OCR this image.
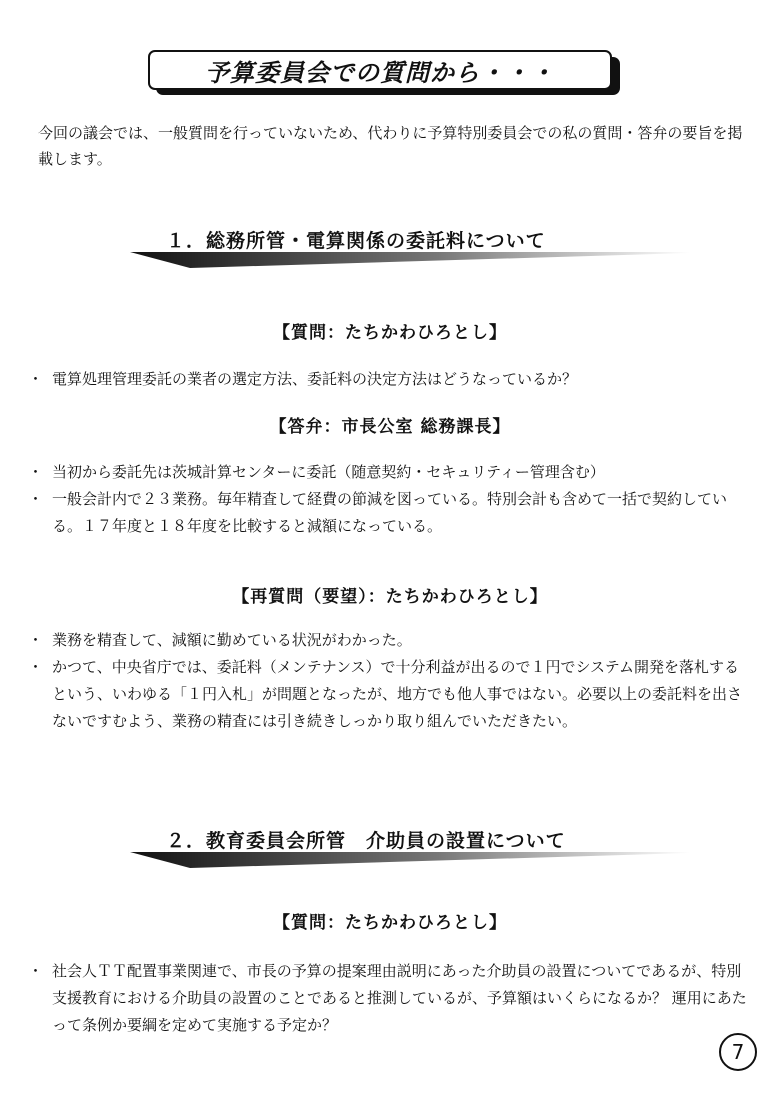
予算委員会での質問から・・・
今回の議会では、一般質問を行っていないため、代わりに予算特別委員会での私の質問・答弁の要旨を掲載します。
１．総務所管・電算関係の委託料について
【質問：たちかわひろとし】
・ 電算処理管理委託の業者の選定方法、委託料の決定方法はどうなっているか？
【答弁：市長公室 総務課長】
・ 当初から委託先は茨城計算センターに委託（随意契約・セキュリティー管理含む）
・ 一般会計内で２３業務。毎年精査して経費の節減を図っている。特別会計も含めて一括で契約している。１７年度と１８年度を比較すると減額になっている。
【再質問（要望）：たちかわひろとし】
・ 業務を精査して、減額に勤めている状況がわかった。
・ かつて、中央省庁では、委託料（メンテナンス）で十分利益が出るので１円でシステム開発を落札するという、いわゆる「１円入札」が問題となったが、地方でも他人事ではない。必要以上の委託料を出さないですむよう、業務の精査には引き続きしっかり取り組んでいただきたい。
２．教育委員会所管　介助員の設置について
【質問：たちかわひろとし】
・ 社会人ＴＴ配置事業関連で、市長の予算の提案理由説明にあった介助員の設置についてであるが、特別支援教育における介助員の設置のことであると推測しているが、予算額はいくらになるか？ 運用にあたって条例か要綱を定めて実施する予定か？
7
